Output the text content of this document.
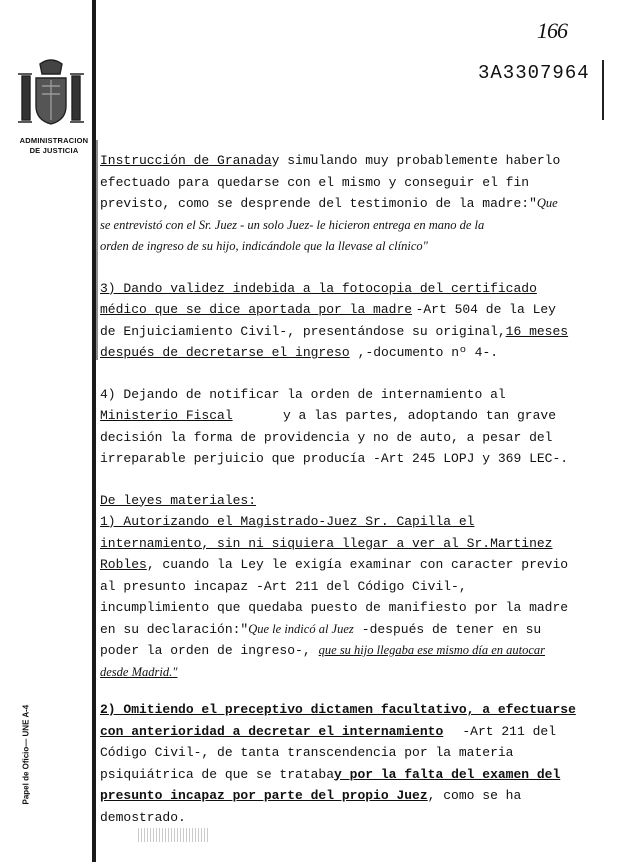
ADMINISTRACION
DE JUSTICIA
Papel de Oficio— UNE A-4
166
3A3307964
Instrucción de Granada y simulando muy probablemente haberlo
efectuado para quedarse con el mismo y conseguir el fin
previsto, como se desprende del testimonio de la madre:" Que
se entrevistó con el Sr. Juez - un solo Juez- le hicieron entrega en mano de la
orden de ingreso de su hijo, indicándole que la llevase al clínico"
3) Dando validez indebida a la fotocopia del certificado
médico que se dice aportada por la madre -Art 504 de la Ley
de Enjuiciamiento Civil-, presentándose su original, 16 meses
después de decretarse el ingreso ,-documento nº 4-.
4) Dejando de notificar la orden de internamiento al
Ministerio Fiscal	y a las partes, adoptando tan grave
decisión la forma de providencia y no de auto, a pesar del
irreparable perjuicio que producía -Art 245 LOPJ y 369 LEC-.
De leyes materiales:
1) Autorizando el Magistrado-Juez Sr. Capilla el
internamiento, sin ni siquiera llegar a ver al Sr.Martinez
Robles , cuando la Ley le exigía examinar con caracter previo
al presunto incapaz -Art 211 del Código Civil-,
incumplimiento que quedaba puesto de manifiesto por la madre
en su declaración:" Que le indicó al Juez -después de tener en su
poder la orden de ingreso-, que su hijo llegaba ese mismo día en autocar
desde Madrid."
2) Omitiendo el preceptivo dictamen facultativo, a efectuarse
con anterioridad a decretar el internamiento -Art 211 del
Código Civil-, de tanta transcendencia por la materia
psiquiátrica de que se trataba y por la falta del examen del
presunto incapaz por parte del propio Juez , como se ha
demostrado.
